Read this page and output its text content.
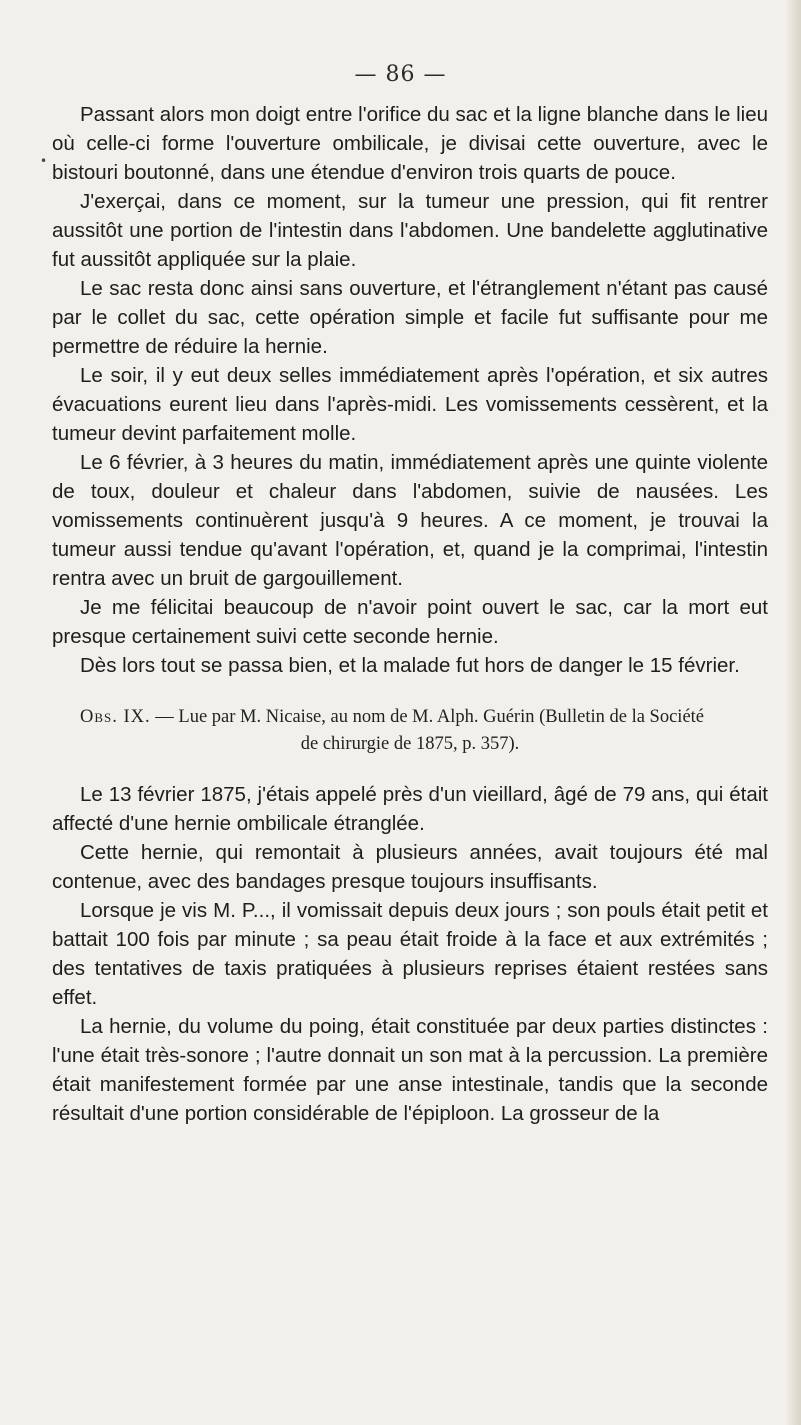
— 86 —
•

Passant alors mon doigt entre l'orifice du sac et la ligne blanche dans le lieu où celle-ci forme l'ouverture ombilicale, je divisai cette ouverture, avec le bistouri boutonné, dans une étendue d'environ trois quarts de pouce.

J'exerçai, dans ce moment, sur la tumeur une pression, qui fit rentrer aussitôt une portion de l'intestin dans l'abdomen. Une bandelette agglutinative fut aussitôt appliquée sur la plaie.

Le sac resta donc ainsi sans ouverture, et l'étranglement n'étant pas causé par le collet du sac, cette opération simple et facile fut suffisante pour me permettre de réduire la hernie.

Le soir, il y eut deux selles immédiatement après l'opération, et six autres évacuations eurent lieu dans l'après-midi. Les vomissements cessèrent, et la tumeur devint parfaitement molle.

Le 6 février, à 3 heures du matin, immédiatement après une quinte violente de toux, douleur et chaleur dans l'abdomen, suivie de nausées. Les vomissements continuèrent jusqu'à 9 heures. A ce moment, je trouvai la tumeur aussi tendue qu'avant l'opération, et, quand je la comprimai, l'intestin rentra avec un bruit de gargouillement.

Je me félicitai beaucoup de n'avoir point ouvert le sac, car la mort eut presque certainement suivi cette seconde hernie.

Dès lors tout se passa bien, et la malade fut hors de danger le 15 février.

Obs. IX. — Lue par M. Nicaise, au nom de M. Alph. Guérin (Bulletin de la Société
de chirurgie de 1875, p. 357).

Le 13 février 1875, j'étais appelé près d'un vieillard, âgé de 79 ans, qui était affecté d'une hernie ombilicale étranglée.

Cette hernie, qui remontait à plusieurs années, avait toujours été mal contenue, avec des bandages presque toujours insuffisants.

Lorsque je vis M. P..., il vomissait depuis deux jours ; son pouls était petit et battait 100 fois par minute ; sa peau était froide à la face et aux extrémités ; des tentatives de taxis pratiquées à plusieurs reprises étaient restées sans effet.

La hernie, du volume du poing, était constituée par deux parties distinctes : l'une était très-sonore ; l'autre donnait un son mat à la percussion. La première était manifestement formée par une anse intestinale, tandis que la seconde résultait d'une portion considérable de l'épiploon. La grosseur de la
